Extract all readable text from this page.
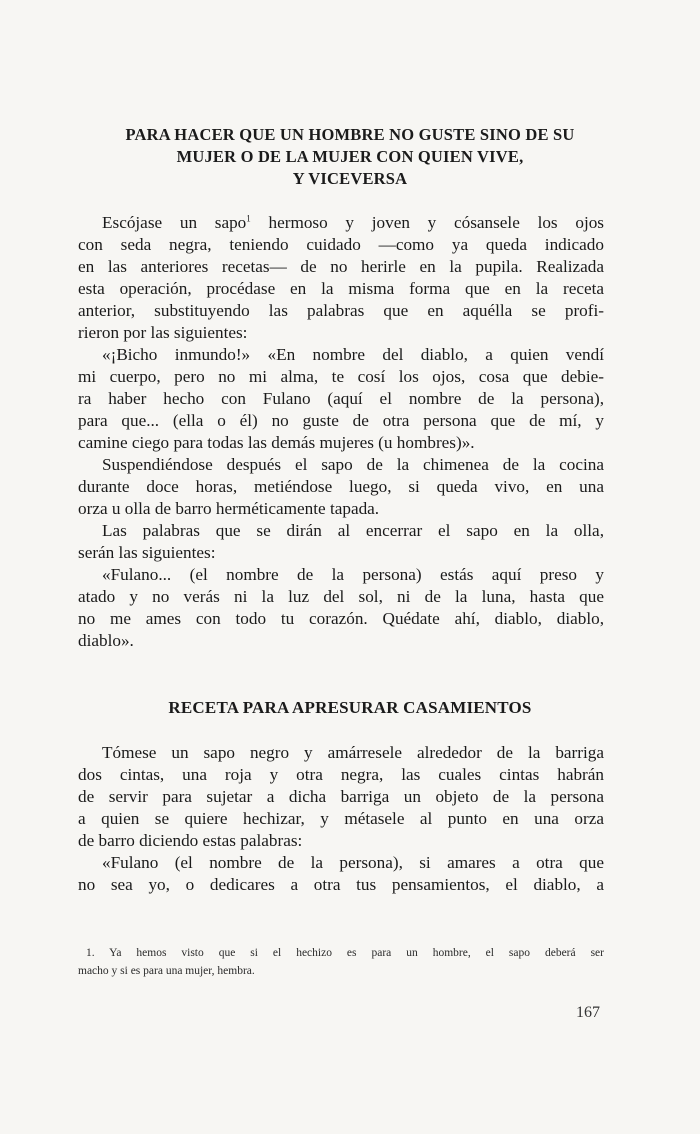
PARA HACER QUE UN HOMBRE NO GUSTE SINO DE SU
MUJER O DE LA MUJER CON QUIEN VIVE,
Y VICEVERSA
Escójase un sapo$^1$ hermoso y joven y cósansele los ojos
con seda negra, teniendo cuidado —como ya queda indicado
en las anteriores recetas— de no herirle en la pupila. Realizada
esta operación, procédase en la misma forma que en la receta
anterior, substituyendo las palabras que en aquélla se profi-
rieron por las siguientes:
«¡Bicho inmundo!» «En nombre del diablo, a quien vendí
mi cuerpo, pero no mi alma, te cosí los ojos, cosa que debie-
ra haber hecho con Fulano (aquí el nombre de la persona),
para que... (ella o él) no guste de otra persona que de mí, y
camine ciego para todas las demás mujeres (u hombres)».
Suspendiéndose después el sapo de la chimenea de la cocina
durante doce horas, metiéndose luego, si queda vivo, en una
orza u olla de barro herméticamente tapada.
Las palabras que se dirán al encerrar el sapo en la olla,
serán las siguientes:
«Fulano... (el nombre de la persona) estás aquí preso y
atado y no verás ni la luz del sol, ni de la luna, hasta que
no me ames con todo tu corazón. Quédate ahí, diablo, diablo,
diablo».
RECETA PARA APRESURAR CASAMIENTOS
Tómese un sapo negro y amárresele alrededor de la barriga
dos cintas, una roja y otra negra, las cuales cintas habrán
de servir para sujetar a dicha barriga un objeto de la persona
a quien se quiere hechizar, y métasele al punto en una orza
de barro diciendo estas palabras:
«Fulano (el nombre de la persona), si amares a otra que
no sea yo, o dedicares a otra tus pensamientos, el diablo, a
1. Ya hemos visto que si el hechizo es para un hombre, el sapo deberá ser
macho y si es para una mujer, hembra.
167
